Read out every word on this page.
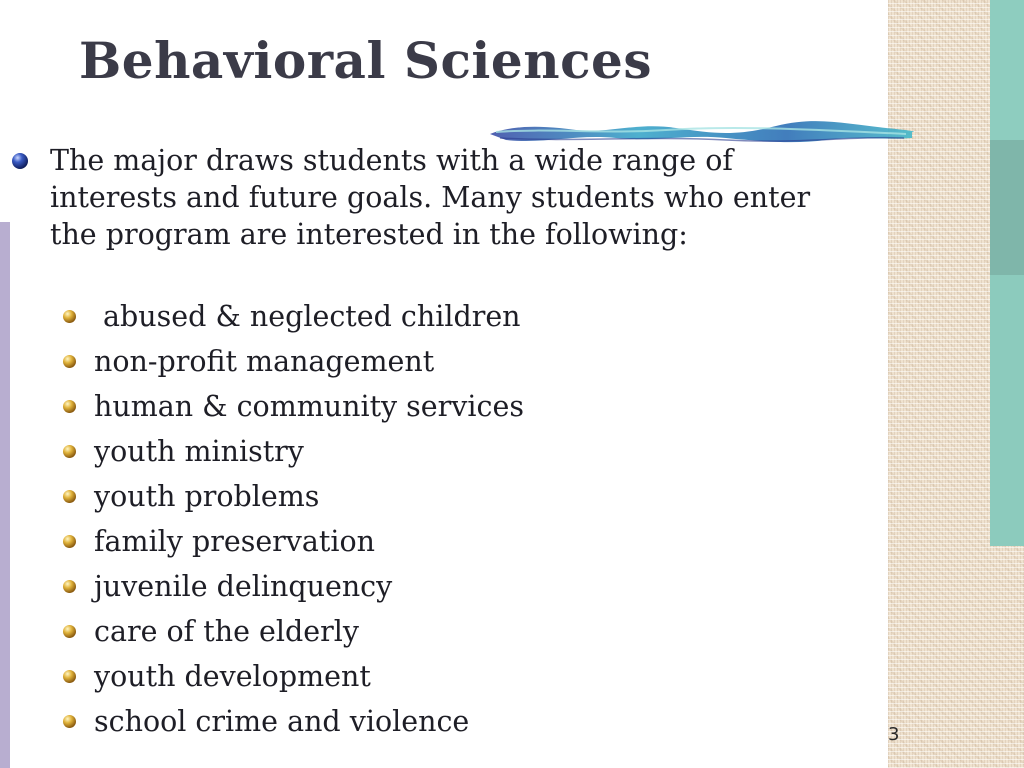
Behavioral Sciences

The major draws students with a wide range of
interests and future goals. Many students who enter
the program are interested in the following:

abused & neglected children
non-profit management
human & community services
youth ministry
youth problems
family preservation
juvenile delinquency
care of the elderly
youth development
school crime and violence	3
